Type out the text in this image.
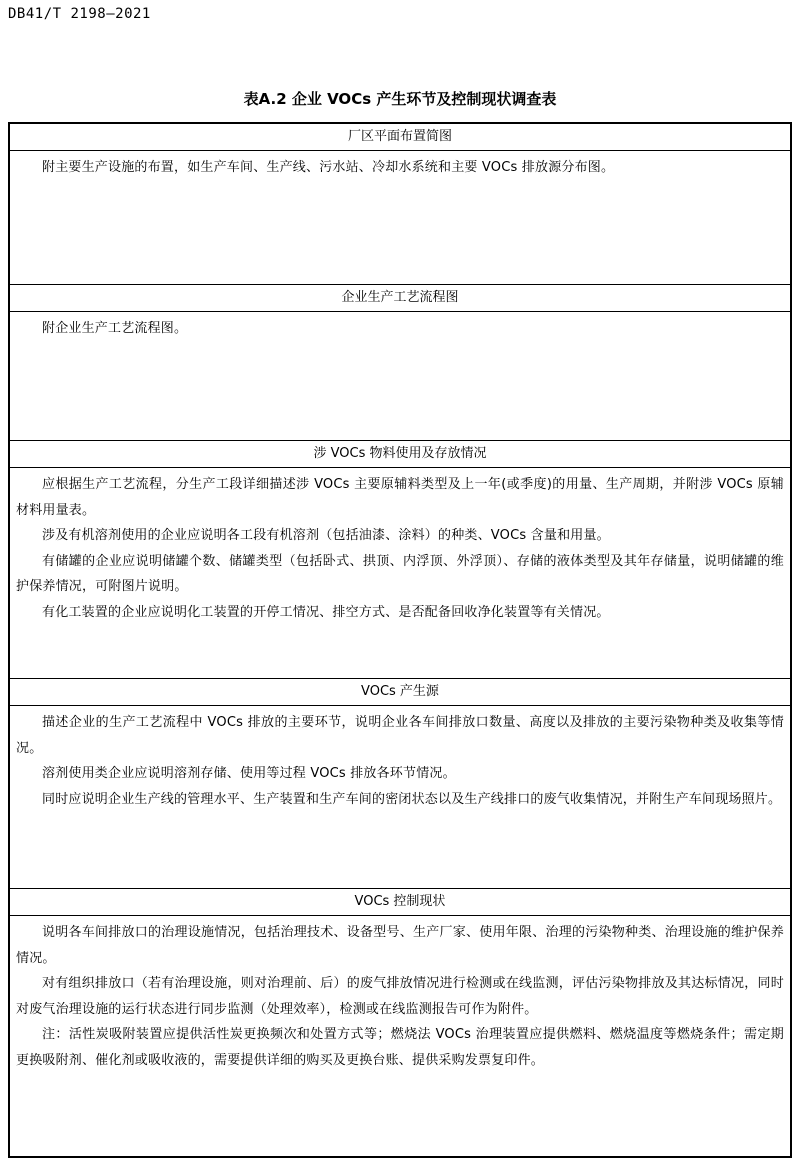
DB41/T 2198—2021
表A.2 企业 VOCs 产生环节及控制现状调查表
厂区平面布置简图

附主要生产设施的布置，如生产车间、生产线、污水站、冷却水系统和主要 VOCs 排放源分布图。

企业生产工艺流程图

附企业生产工艺流程图。

涉 VOCs 物料使用及存放情况

应根据生产工艺流程，分生产工段详细描述涉 VOCs 主要原辅料类型及上一年(或季度)的用量、生产周期，并附涉 VOCs 原辅材料用量表。

涉及有机溶剂使用的企业应说明各工段有机溶剂（包括油漆、涂料）的种类、VOCs 含量和用量。

有储罐的企业应说明储罐个数、储罐类型（包括卧式、拱顶、内浮顶、外浮顶）、存储的液体类型及其年存储量，说明储罐的维护保养情况，可附图片说明。

有化工装置的企业应说明化工装置的开停工情况、排空方式、是否配备回收净化装置等有关情况。

VOCs 产生源

描述企业的生产工艺流程中 VOCs 排放的主要环节，说明企业各车间排放口数量、高度以及排放的主要污染物种类及收集等情况。

溶剂使用类企业应说明溶剂存储、使用等过程 VOCs 排放各环节情况。

同时应说明企业生产线的管理水平、生产装置和生产车间的密闭状态以及生产线排口的废气收集情况，并附生产车间现场照片。

VOCs 控制现状

说明各车间排放口的治理设施情况，包括治理技术、设备型号、生产厂家、使用年限、治理的污染物种类、治理设施的维护保养情况。

对有组织排放口（若有治理设施，则对治理前、后）的废气排放情况进行检测或在线监测，评估污染物排放及其达标情况，同时对废气治理设施的运行状态进行同步监测（处理效率），检测或在线监测报告可作为附件。

注：活性炭吸附装置应提供活性炭更换频次和处置方式等；燃烧法 VOCs 治理装置应提供燃料、燃烧温度等燃烧条件；需定期更换吸附剂、催化剂或吸收液的，需要提供详细的购买及更换台账、提供采购发票复印件。
